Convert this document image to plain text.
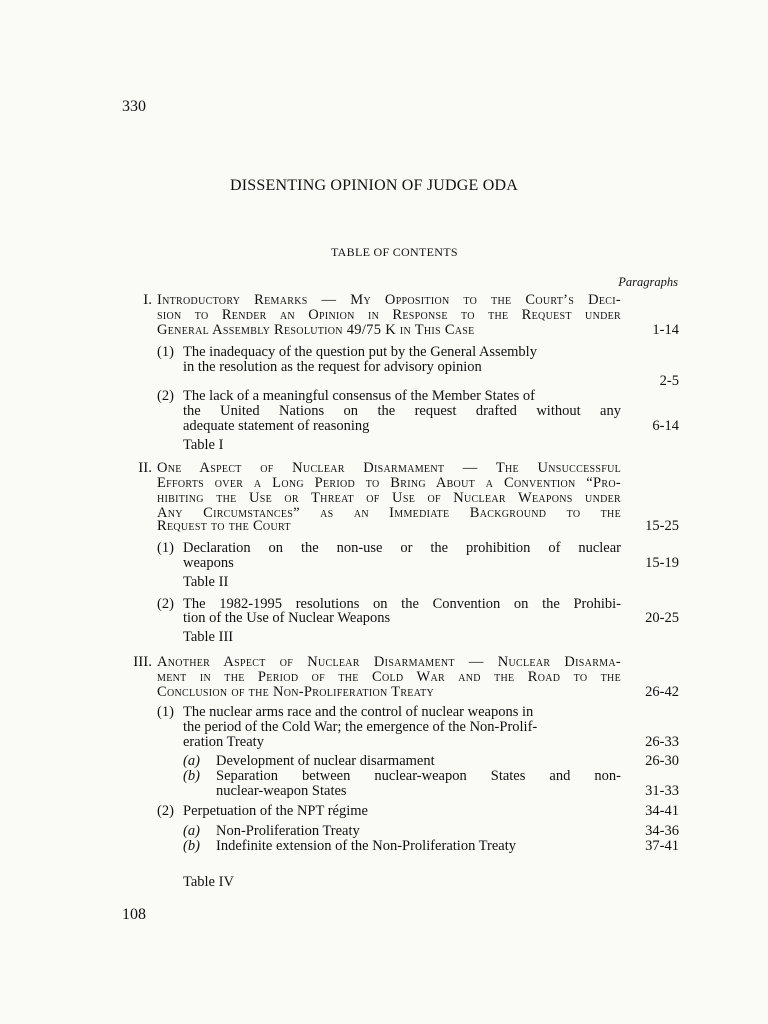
330
DISSENTING OPINION OF JUDGE ODA
TABLE OF CONTENTS
Paragraphs
I. Introductory Remarks — My Opposition to the Court’s Deci-
sion to Render an Opinion in Response to the Request under
General Assembly Resolution 49/75 K in This Case	1-14
(1) The inadequacy of the question put by the General Assembly
in the resolution as the request for advisory opinion
2-5
(2) The lack of a meaningful consensus of the Member States of
the United Nations on the request drafted without any
adequate statement of reasoning	6-14
Table I
II. One Aspect of Nuclear Disarmament — The Unsuccessful
Efforts over a Long Period to Bring About a Convention “Pro-
hibiting the Use or Threat of Use of Nuclear Weapons under
Any Circumstances” as an Immediate Background to the
Request to the Court	15-25
(1) Declaration on the non-use or the prohibition of nuclear
weapons	15-19
Table II
(2) The 1982-1995 resolutions on the Convention on the Prohibi-
tion of the Use of Nuclear Weapons	20-25
Table III
III. Another Aspect of Nuclear Disarmament — Nuclear Disarma-
ment in the Period of the Cold War and the Road to the
Conclusion of the Non-Proliferation Treaty	26-42
(1) The nuclear arms race and the control of nuclear weapons in
the period of the Cold War; the emergence of the Non-Prolif-
eration Treaty	26-33
(a) Development of nuclear disarmament	26-30
(b) Separation between nuclear-weapon States and non-
nuclear-weapon States	31-33
(2) Perpetuation of the NPT régime	34-41
(a) Non-Proliferation Treaty	34-36
(b) Indefinite extension of the Non-Proliferation Treaty	37-41
Table IV
108
